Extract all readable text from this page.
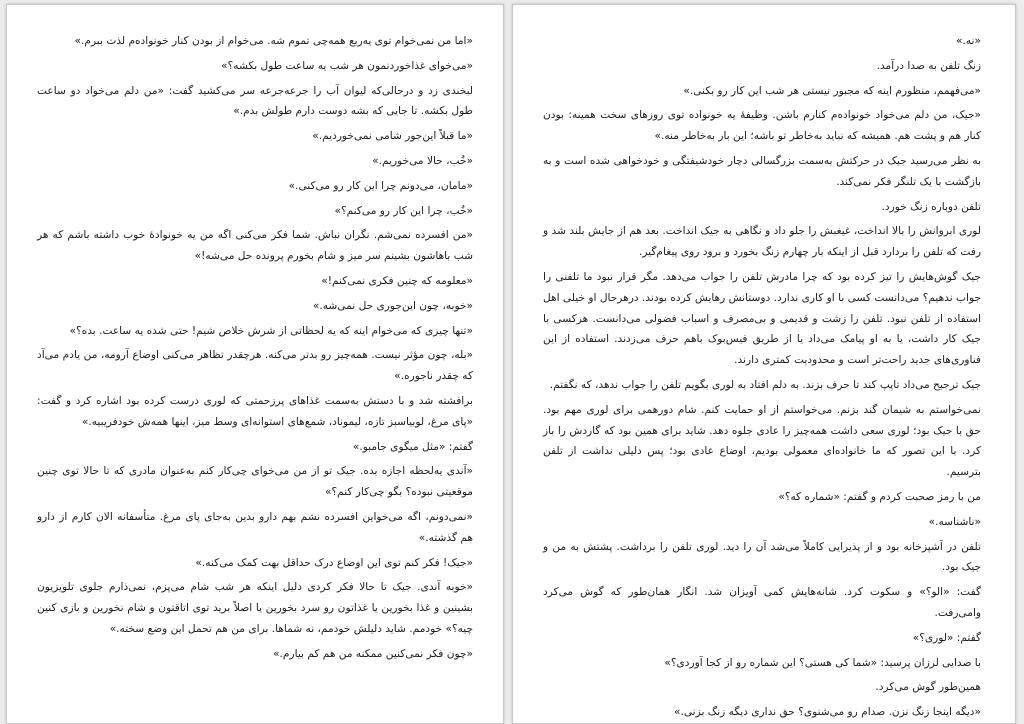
«اما من نمی‌خوام توی یه‌ربع همه‌چی تموم شه. می‌خوام از بودن کنار خونواده‌م لذت ببرم.»

«می‌خوای غذاخوردنمون هر شب یه ساعت طول بکشه؟»

لبخندی زد و درحالی‌که لیوان آب را جرعه‌جرعه سر می‌کشید گفت: «من دلم می‌خواد دو ساعت طول بکشه. تا جایی که بشه دوست دارم طولش بدم.»

«ما قبلاً این‌جور شامی نمی‌خوردیم.»

«خُب، حالا می‌خوریم.»

«مامان، می‌دونم چرا این کار رو می‌کنی.»

«خُب، چرا این کار رو می‌کنم؟»

«من افسرده نمی‌شم. نگران نباش. شما فکر می‌کنی اگه من یه خونوادهٔ خوب داشته باشم که هر شب باهاشون بشینم سر میز و شام بخورم پرونده حل می‌شه!»

«معلومه که چنین فکری نمی‌کنم!»

«خوبه، چون این‌جوری حل نمی‌شه.»

«تنها چیزی که می‌خوام اینه که یه لحظاتی از شرش خلاص شیم! حتی شده یه ساعت. بده؟»

«بله، چون مؤثر نیست. همه‌چیز رو بدتر می‌کنه. هرچقدر تظاهر می‌کنی اوضاع آرومه، من یادم می‌آد که چقدر ناجوره.»

برافشته شد و با دستش به‌سمت غذاهای پرزحمتی که لوری درست کرده بود اشاره کرد و گفت: «پای مرغ، لوبیاسبز تازه، لیموناد، شمع‌های استوانه‌ای وسط میز، اینها همه‌ش خودفریبیه.»

گفتم: «مثل میگوی جامبو.»

«آندی یه‌لحظه اجازه بده. جیک تو از من می‌خوای چی‌کار کنم به‌عنوان مادری که تا حالا توی چنین موقعیتی نبوده؟ بگو چی‌کار کنم؟»

«نمی‌دونم، اگه می‌خواین افسرده نشم بهم دارو بدین به‌جای پای مرغ. متأسفانه الان کارم از دارو هم گذشته.»

«جیک! فکر کنم توی این اوضاع درک حداقل بهت کمک می‌کنه.»

«خوبه آندی. جیک تا حالا فکر کردی دلیل اینکه هر شب شام می‌پزم، نمی‌ذارم جلوی تلویزیون بشینین و غذا بخورین یا غذاتون رو سرد بخورین یا اصلاً برید توی اتاقتون و شام نخورین و بازی کنین چیه؟» خودمم. شاید دلیلش خودمم، نه شماها. برای من هم تحمل این وضع سخته.»

«چون فکر نمی‌کنین ممکنه من هم کم بیارم.»

«نه.»

زنگ تلفن به صدا درآمد.

«می‌فهمم، منظورم اینه که مجبور نیستی هر شب این کار رو بکنی.»

«جیک، من دلم می‌خواد خونواده‌م کنارم باشن. وظیفهٔ یه خونواده توی روزهای سخت همینه: بودن کنار هم و پشت هم. همیشه که نباید به‌خاطر تو باشه؛ این بار به‌خاطر منه.»

به نظر می‌رسید جیک در حرکتش به‌سمت بزرگسالی دچار خودشیفتگی و خودخواهی شده است و به بازگشت با یک تلنگر فکر نمی‌کند.

تلفن دوباره زنگ خورد.

لوری ابروانش را بالا انداخت، غیغبش را جلو داد و نگاهی به جیک انداخت. بعد هم از جایش بلند شد و رفت که تلفن را بردارد قبل از اینکه بار چهارم زنگ بخورد و برود روی پیغام‌گیر.

جیک گوش‌هایش را تیز کرده بود که چرا مادرش تلفن را جواب می‌دهد. مگر قرار نبود ما تلفنی را جواب ندهیم؟ می‌دانست کسی با او کاری ندارد. دوستانش رهایش کرده بودند. درهرحال او خیلی اهل استفاده از تلفن نبود. تلفن را زشت و قدیمی و بی‌مصرف و اسباب فضولی می‌دانست. هرکسی با جیک کار داشت، یا به او پیامک می‌داد یا از طریق فیس‌بوک باهم حرف می‌زدند. استفاده از این فناوری‌های جدید راحت‌تر است و محدودیت کمتری دارند.

جیک ترجیح می‌داد تاپپ کند تا حرف بزند. به دلم افتاد به لوری بگویم تلفن را جواب ندهد، که نگفتم.

نمی‌خواستم به شیمان گند بزنم. می‌خواستم از او حمایت کنم. شام دورهمی برای لوری مهم بود. حق با جیک بود؛ لوری سعی داشت همه‌چیز را عادی جلوه دهد. شاید برای همین بود که گاردش را باز کرد. با این تصور که ما خانواده‌ای معمولی بودیم، اوضاع عادی بود؛ پس دلیلی نداشت از تلفن بترسیم.

من با رمز صحبت کردم و گفتم: «شماره که؟»

«ناشناسه.»

تلفن در آشپزخانه بود و از پذیرایی کاملاً می‌شد آن را دید. لوری تلفن را برداشت. پشتش به من و جیک بود.

گفت: «الو؟» و سکوت کرد. شانه‌هایش کمی آویزان شد. انگار همان‌طور که گوش می‌کرد وامی‌رفت.

گفتم: «لوری؟»

با صدایی لرزان پرسید: «شما کی هستی؟ این شماره رو از کجا آوردی؟»

همین‌طور گوش می‌کرد.

«دیگه اینجا زنگ نزن. صدام رو می‌شنوی؟ حق نداری دیگه زنگ بزنی.»
